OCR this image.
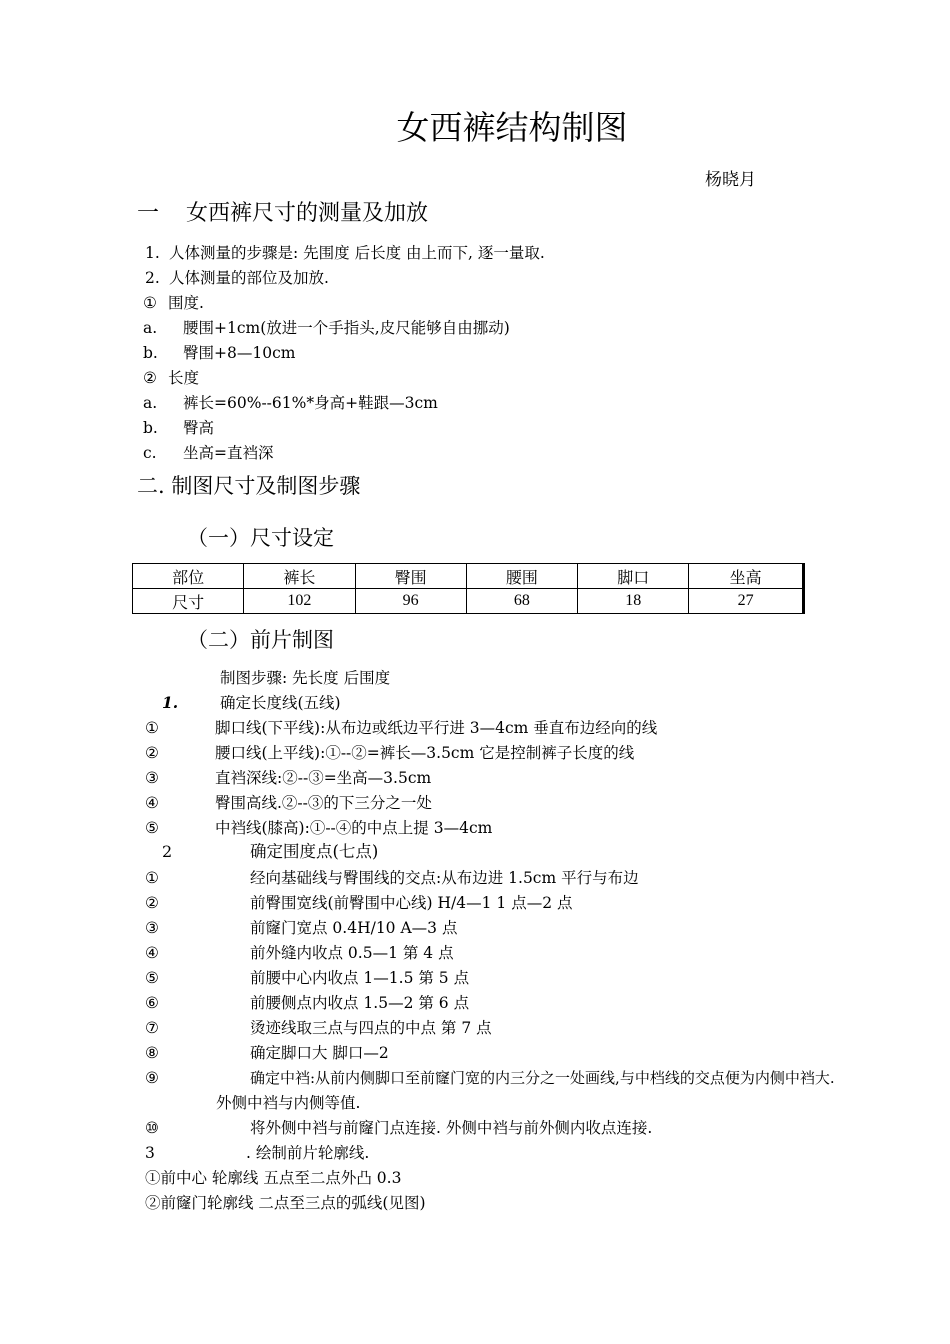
女西裤结构制图
杨晓月
一 女西裤尺寸的测量及加放
1. 人体测量的步骤是: 先围度 后长度 由上而下, 逐一量取.
2. 人体测量的部位及加放.
① 围度.
a. 腰围+1cm(放进一个手指头,皮尺能够自由挪动)
b. 臀围+8—10cm
② 长度
a. 裤长=60%--61%*身高+鞋跟—3cm
b. 臀高
c. 坐高=直裆深
二. 制图尺寸及制图步骤
（一）尺寸设定
部位	裤长	臀围	腰围	脚口	坐高
尺寸	102	96	68	18	27
（二）前片制图
制图步骤: 先长度 后围度
1.	确定长度线(五线)
①	脚口线(下平线):从布边或纸边平行进 3—4cm 垂直布边经向的线
②	腰口线(上平线):①--②=裤长—3.5cm 它是控制裤子长度的线
③	直裆深线:②--③=坐高—3.5cm
④	臀围高线.②--③的下三分之一处
⑤	中裆线(膝高):①--④的中点上提 3—4cm
2	确定围度点(七点)
①	经向基础线与臀围线的交点:从布边进 1.5cm 平行与布边
②	前臀围宽线(前臀围中心线) H/4—1 1 点—2 点
③	前窿门宽点 0.4H/10 A—3 点
④	前外缝内收点 0.5—1 第 4 点
⑤	前腰中心内收点 1—1.5 第 5 点
⑥	前腰侧点内收点 1.5—2 第 6 点
⑦	烫迹线取三点与四点的中点 第 7 点
⑧	确定脚口大 脚口—2
⑨	确定中裆:从前内侧脚口至前窿门宽的内三分之一处画线,与中档线的交点便为内侧中裆大.
外侧中裆与内侧等值.
⑩	将外侧中裆与前窿门点连接. 外侧中裆与前外侧内收点连接.
3	. 绘制前片轮廓线.
①前中心 轮廓线 五点至二点外凸 0.3
②前窿门轮廓线 二点至三点的弧线(见图)
